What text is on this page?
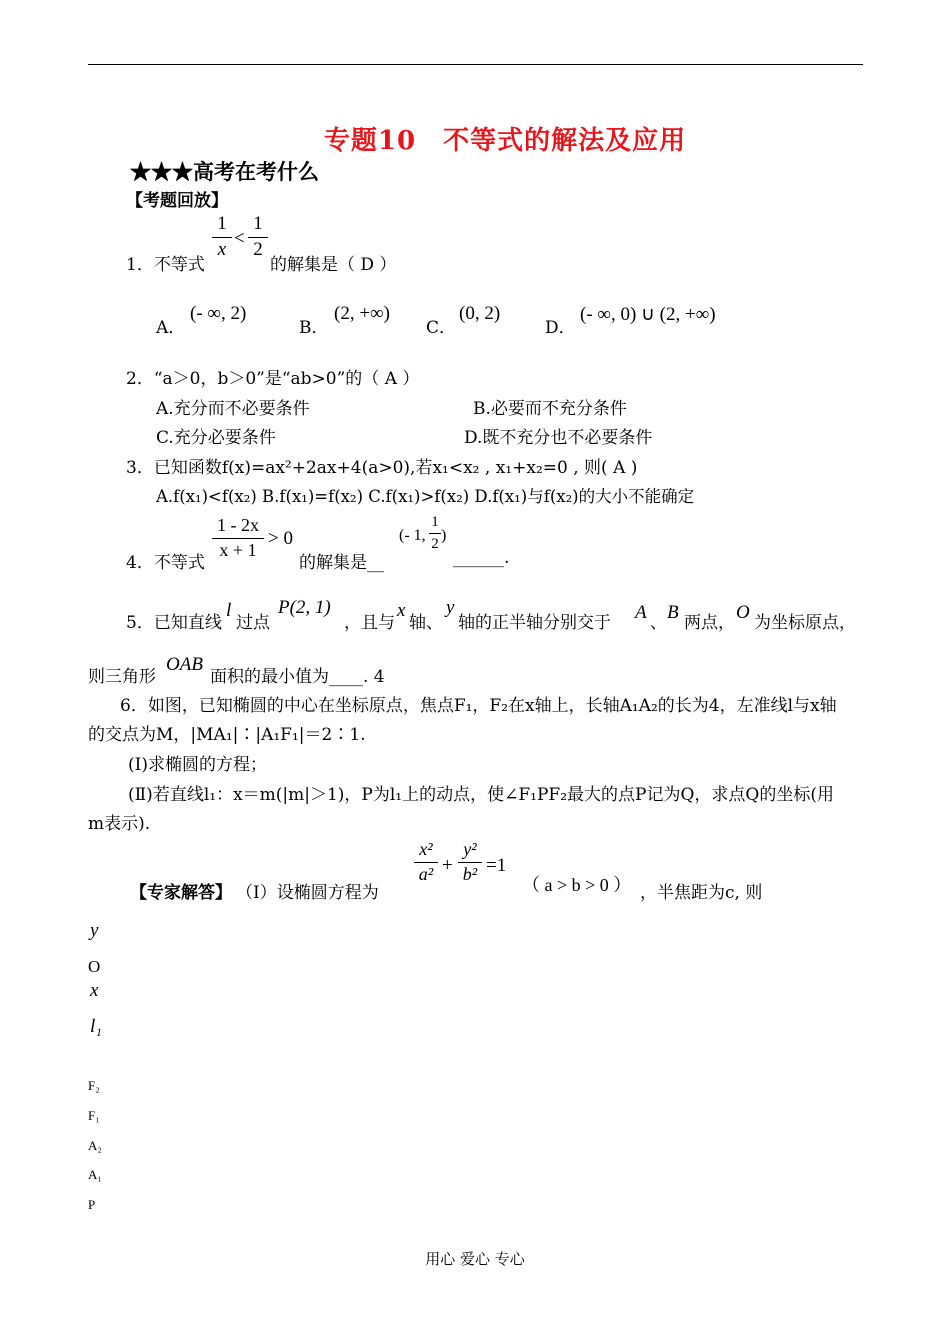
专题10　不等式的解法及应用
★★★高考在考什么
【考题回放】
1．不等式
1
x
<
1
2
的解集是（ D ）
A．
(- ∞, 2)
B．
(2, +∞)
C．
(0, 2)
D．
(- ∞, 0) ∪ (2, +∞)
2．“a＞0，b＞0”是“ab>0”的（ A ）
A.充分而不必要条件	B.必要而不充分条件
C.充分必要条件	D.既不充分也不必要条件
3．已知函数f(x)=ax²+2ax+4(a>0),若x₁<x₂ , x₁+x₂=0 , 则( A )
A.f(x₁)<f(x₂) B.f(x₁)=f(x₂) C.f(x₁)>f(x₂) D.f(x₁)与f(x₂)的大小不能确定
4．不等式
1 - 2x
x + 1
> 0
的解集是__
(- 1,
1
2 )
______.
5．已知直线
l
过点
P(2, 1)
，且与
x
轴、
y
轴的正半轴分别交于 A 、 B 两点， O 为坐标原点，
则三角形
OAB
面积的最小值为____. 4
6．如图，已知椭圆的中心在坐标原点，焦点F₁，F₂在x轴上，长轴A₁A₂的长为4，左准线l与x轴
的交点为M，|MA₁|∶|A₁F₁|＝2∶1.
(Ⅰ)求椭圆的方程；
(Ⅱ)若直线l₁：x＝m(|m|＞1)，P为l₁上的动点，使∠F₁PF₂最大的点P记为Q，求点Q的坐标(用
m表示).
【专家解答】 （Ⅰ）设椭圆方程为
x²
a² +
y²
b² =1
（ a > b > 0 ） ，半焦距为c, 则
y
O
x
l₁
F₂
F₁
A₂
A₁
P
用心 爱心 专心
